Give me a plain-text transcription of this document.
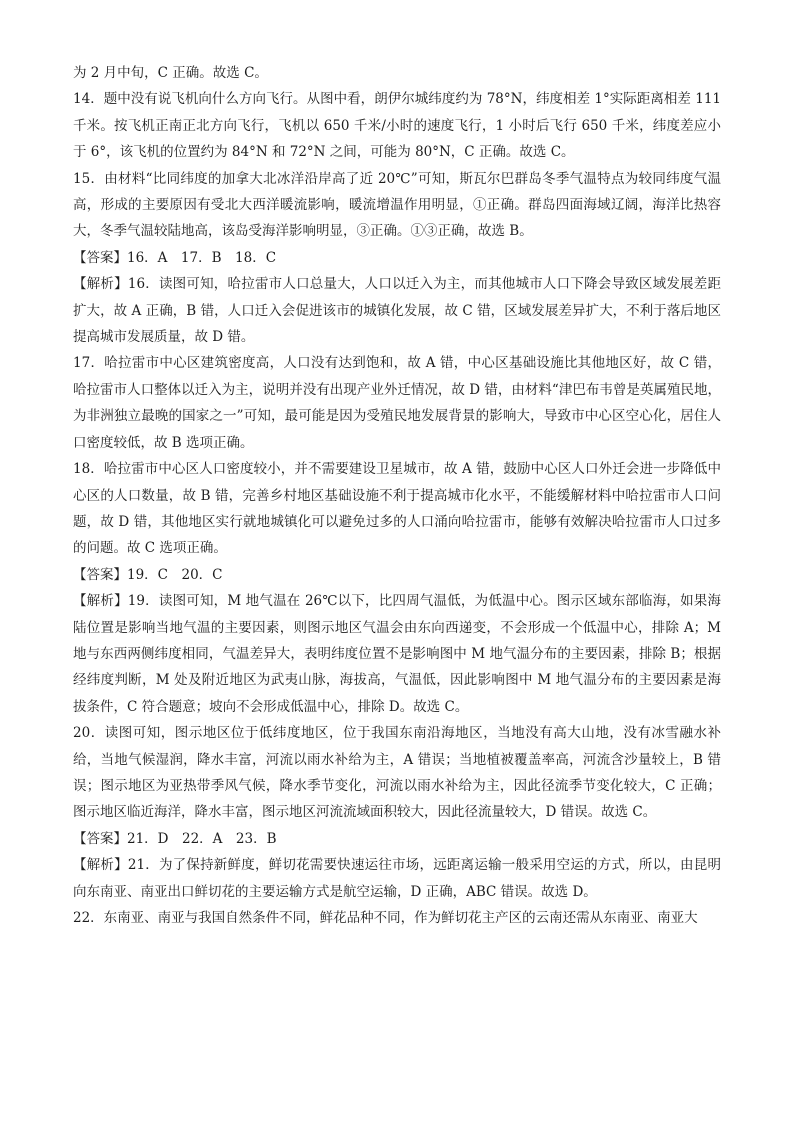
为 2 月中旬，C 正确。故选 C。

14．题中没有说飞机向什么方向飞行。从图中看，朗伊尔城纬度约为 78°N，纬度相差 1°实际距离相差 111 千米。按飞机正南正北方向飞行，飞机以 650 千米/小时的速度飞行，1 小时后飞行 650 千米，纬度差应小于 6°，该飞机的位置约为 84°N 和 72°N 之间，可能为 80°N，C 正确。故选 C。

15．由材料“比同纬度的加拿大北冰洋沿岸高了近 20℃”可知，斯瓦尔巴群岛冬季气温特点为较同纬度气温高，形成的主要原因有受北大西洋暖流影响，暖流增温作用明显，①正确。群岛四面海域辽阔，海洋比热容大，冬季气温较陆地高，该岛受海洋影响明显，③正确。①③正确，故选 B。

【答案】16．A　17．B　18．C

【解析】16．读图可知，哈拉雷市人口总量大，人口以迁入为主，而其他城市人口下降会导致区域发展差距扩大，故 A 正确，B 错，人口迁入会促进该市的城镇化发展，故 C 错，区域发展差异扩大，不利于落后地区提高城市发展质量，故 D 错。

17．哈拉雷市中心区建筑密度高，人口没有达到饱和，故 A 错，中心区基础设施比其他地区好，故 C 错，哈拉雷市人口整体以迁入为主，说明并没有出现产业外迁情况，故 D 错，由材料“津巴布韦曾是英属殖民地，为非洲独立最晚的国家之一”可知，最可能是因为受殖民地发展背景的影响大，导致市中心区空心化，居住人口密度较低，故 B 选项正确。

18．哈拉雷市中心区人口密度较小，并不需要建设卫星城市，故 A 错，鼓励中心区人口外迁会进一步降低中心区的人口数量，故 B 错，完善乡村地区基础设施不利于提高城市化水平，不能缓解材料中哈拉雷市人口问题，故 D 错，其他地区实行就地城镇化可以避免过多的人口涌向哈拉雷市，能够有效解决哈拉雷市人口过多的问题。故 C 选项正确。

【答案】19．C　20．C

【解析】19．读图可知，M 地气温在 26℃以下，比四周气温低，为低温中心。图示区域东部临海，如果海陆位置是影响当地气温的主要因素，则图示地区气温会由东向西递变，不会形成一个低温中心，排除 A；M 地与东西两侧纬度相同，气温差异大，表明纬度位置不是影响图中 M 地气温分布的主要因素，排除 B；根据经纬度判断，M 处及附近地区为武夷山脉，海拔高，气温低，因此影响图中 M 地气温分布的主要因素是海拔条件，C 符合题意；坡向不会形成低温中心，排除 D。故选 C。

20．读图可知，图示地区位于低纬度地区，位于我国东南沿海地区，当地没有高大山地，没有冰雪融水补给，当地气候湿润，降水丰富，河流以雨水补给为主，A 错误；当地植被覆盖率高，河流含沙量较上，B 错误；图示地区为亚热带季风气候，降水季节变化，河流以雨水补给为主，因此径流季节变化较大，C 正确；图示地区临近海洋，降水丰富，图示地区河流流域面积较大，因此径流量较大，D 错误。故选 C。

【答案】21．D　22．A　23．B

【解析】21．为了保持新鲜度，鲜切花需要快速运往市场，远距离运输一般采用空运的方式，所以，由昆明向东南亚、南亚出口鲜切花的主要运输方式是航空运输，D 正确，ABC 错误。故选 D。

22．东南亚、南亚与我国自然条件不同，鲜花品种不同，作为鲜切花主产区的云南还需从东南亚、南亚大
